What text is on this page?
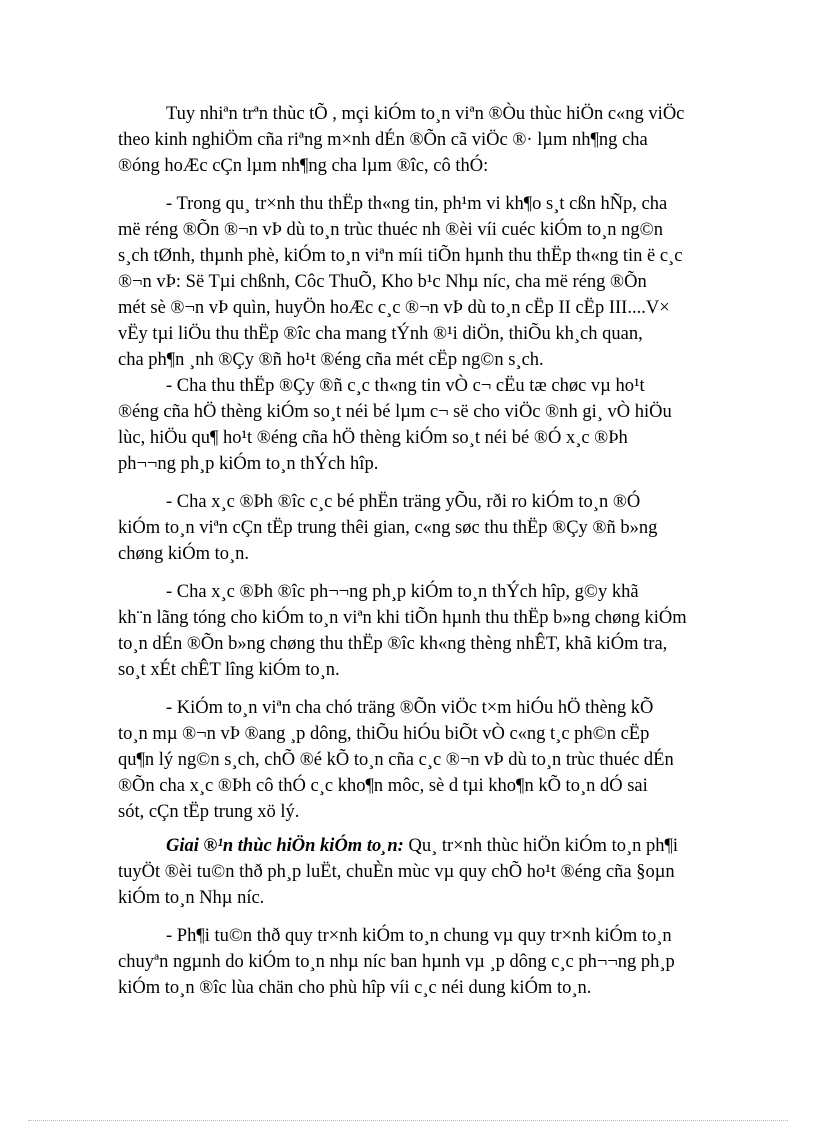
Tuy nhiªn trªn thùc tÕ , mçi kiÓm to¸n viªn ®Òu thùc hiÖn c«ng viÖc
theo kinh nghiÖm cña riªng m×nh dÉn ®Õn cã viÖc ®· lµm nh¶ng cha
®óng hoÆc cÇn lµm nh¶ng cha lµm ®îc, cô thÓ:

- Trong qu¸ tr×nh thu thËp th«ng tin, ph¹m vi kh¶o s¸t cßn hÑp, cha
më réng ®Õn ®¬n vÞ dù to¸n trùc thuéc nh ®èi víi cuéc kiÓm to¸n ng©n
s¸ch tØnh, thµnh phè, kiÓm to¸n viªn míi tiÕn hµnh thu thËp th«ng tin ë c¸c
®¬n vÞ: Së Tµi chßnh, Côc ThuÕ, Kho b¹c Nhµ níc, cha më réng ®Õn
mét sè ®¬n vÞ quìn, huyÖn hoÆc c¸c ®¬n vÞ dù to¸n cËp II cËp III....V×
vËy tµi liÖu thu thËp ®îc cha mang tÝnh ®¹i diÖn, thiÕu kh¸ch quan,
cha ph¶n ¸nh ®Çy ®ñ ho¹t ®éng cña mét cËp ng©n s¸ch.

- Cha thu thËp ®Çy ®ñ c¸c th«ng tin vÒ c¬ cËu tæ chøc vµ ho¹t
®éng cña hÖ thèng kiÓm so¸t néi bé lµm c¬ së cho viÖc ®nh gi¸ vÒ hiÖu
lùc, hiÖu qu¶ ho¹t ®éng cña hÖ thèng kiÓm so¸t néi bé ®Ó x¸c ®Þh
ph¬¬ng ph¸p kiÓm to¸n thÝch hîp.

- Cha x¸c ®Þh ®îc c¸c bé phËn träng yÕu, rði ro kiÓm to¸n ®Ó
kiÓm to¸n viªn cÇn tËp trung thêi gian, c«ng søc thu thËp ®Çy ®ñ b»ng
chøng kiÓm to¸n.

- Cha x¸c ®Þh ®îc ph¬¬ng ph¸p kiÓm to¸n thÝch hîp, g©y khã
kh¨n lãng tóng cho kiÓm to¸n viªn khi tiÕn hµnh thu thËp b»ng chøng kiÓm
to¸n dÉn ®Õn b»ng chøng thu thËp ®îc kh«ng thèng nhÊT, khã kiÓm tra,
so¸t xÉt chÊT lîng kiÓm to¸n.

- KiÓm to¸n viªn cha chó träng ®Õn viÖc t×m hiÓu hÖ thèng kÕ
to¸n mµ ®¬n vÞ ®ang ¸p dông, thiÕu hiÓu biÕt vÒ c«ng t¸c ph©n cËp
qu¶n lý ng©n s¸ch, chÕ ®é kÕ to¸n cña c¸c ®¬n vÞ dù to¸n trùc thuéc dÉn
®Õn cha x¸c ®Þh cô thÓ c¸c kho¶n môc, sè d tµi kho¶n kÕ to¸n dÓ sai
sót, cÇn tËp trung xö lý.

Giai ®¹n thùc hiÖn kiÓm to¸n: Qu¸ tr×nh thùc hiÖn kiÓm to¸n ph¶i
tuyÖt ®èi tu©n thð ph¸p luËt, chuÈn mùc vµ quy chÕ ho¹t ®éng cña §oµn
kiÓm to¸n Nhµ níc.

- Ph¶i tu©n thð quy tr×nh kiÓm to¸n chung vµ quy tr×nh kiÓm to¸n
chuyªn ngµnh do kiÓm to¸n nhµ níc ban hµnh vµ ¸p dông c¸c ph¬¬ng ph¸p
kiÓm to¸n ®îc lùa chän cho phù hîp víi c¸c néi dung kiÓm to¸n.
